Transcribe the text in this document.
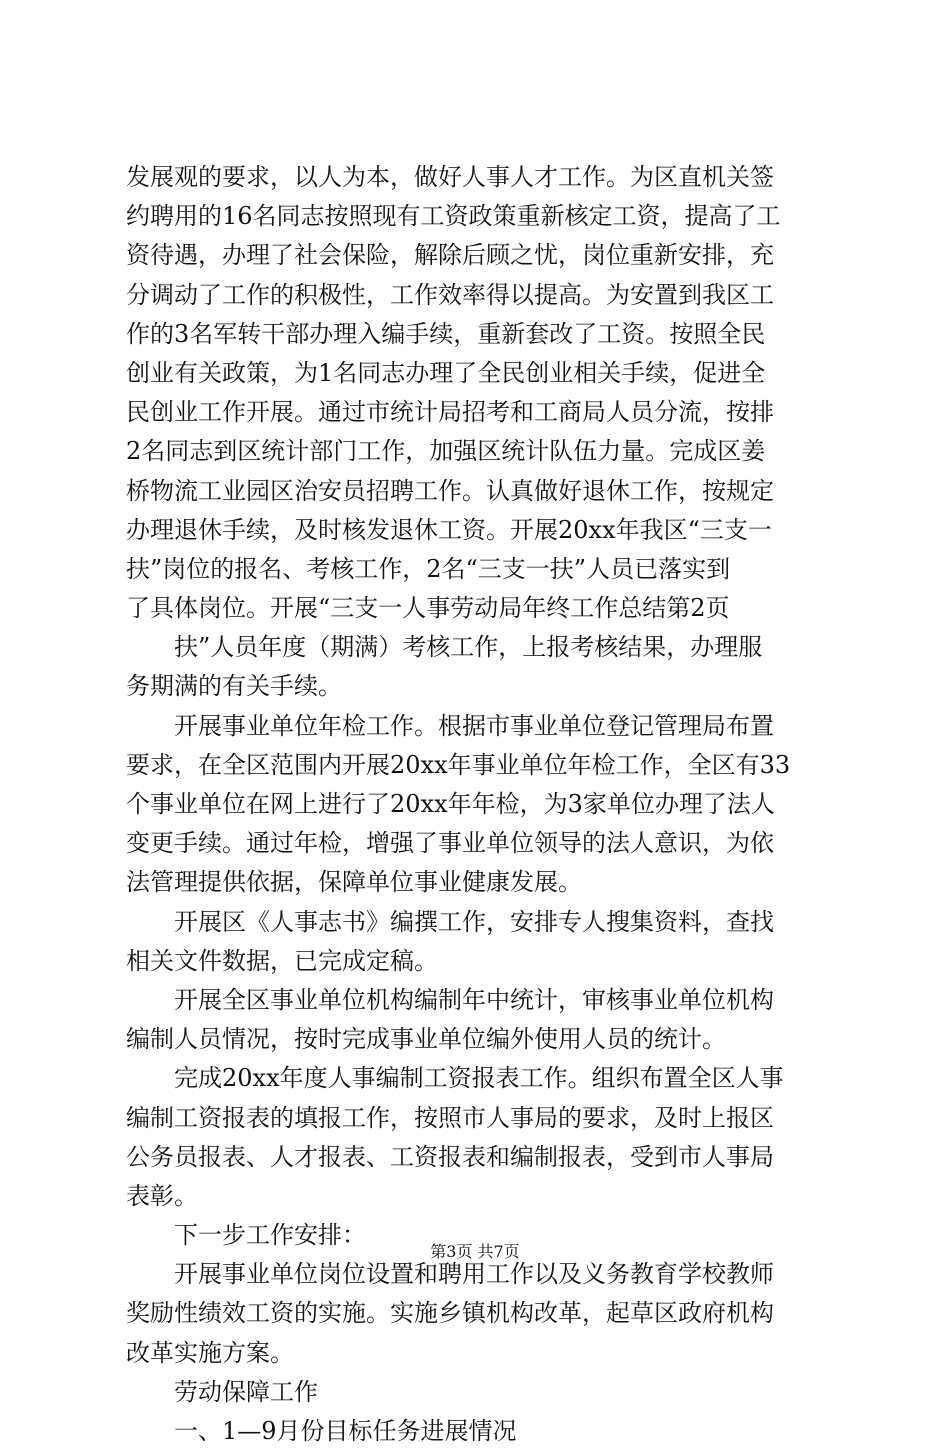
发展观的要求，以人为本，做好人事人才工作。为区直机关签
约聘用的16名同志按照现有工资政策重新核定工资，提高了工
资待遇，办理了社会保险，解除后顾之忧，岗位重新安排，充
分调动了工作的积极性，工作效率得以提高。为安置到我区工
作的3名军转干部办理入编手续，重新套改了工资。按照全民
创业有关政策，为1名同志办理了全民创业相关手续，促进全
民创业工作开展。通过市统计局招考和工商局人员分流，按排
2名同志到区统计部门工作，加强区统计队伍力量。完成区姜
桥物流工业园区治安员招聘工作。认真做好退休工作，按规定
办理退休手续，及时核发退休工资。开展20xx年我区“三支一
扶”岗位的报名、考核工作，2名“三支一扶”人员已落实到
了具体岗位。开展“三支一人事劳动局年终工作总结第2页
扶”人员年度（期满）考核工作，上报考核结果，办理服
务期满的有关手续。
开展事业单位年检工作。根据市事业单位登记管理局布置
要求，在全区范围内开展20xx年事业单位年检工作，全区有33
个事业单位在网上进行了20xx年年检，为3家单位办理了法人
变更手续。通过年检，增强了事业单位领导的法人意识，为依
法管理提供依据，保障单位事业健康发展。
开展区《人事志书》编撰工作，安排专人搜集资料，查找
相关文件数据，已完成定稿。
开展全区事业单位机构编制年中统计，审核事业单位机构
编制人员情况，按时完成事业单位编外使用人员的统计。
完成20xx年度人事编制工资报表工作。组织布置全区人事
编制工资报表的填报工作，按照市人事局的要求，及时上报区
公务员报表、人才报表、工资报表和编制报表，受到市人事局
表彰。
下一步工作安排：
开展事业单位岗位设置和聘用工作以及义务教育学校教师
奖励性绩效工资的实施。实施乡镇机构改革，起草区政府机构
改革实施方案。
劳动保障工作
一、1—9月份目标任务进展情况
第3页 共7页
